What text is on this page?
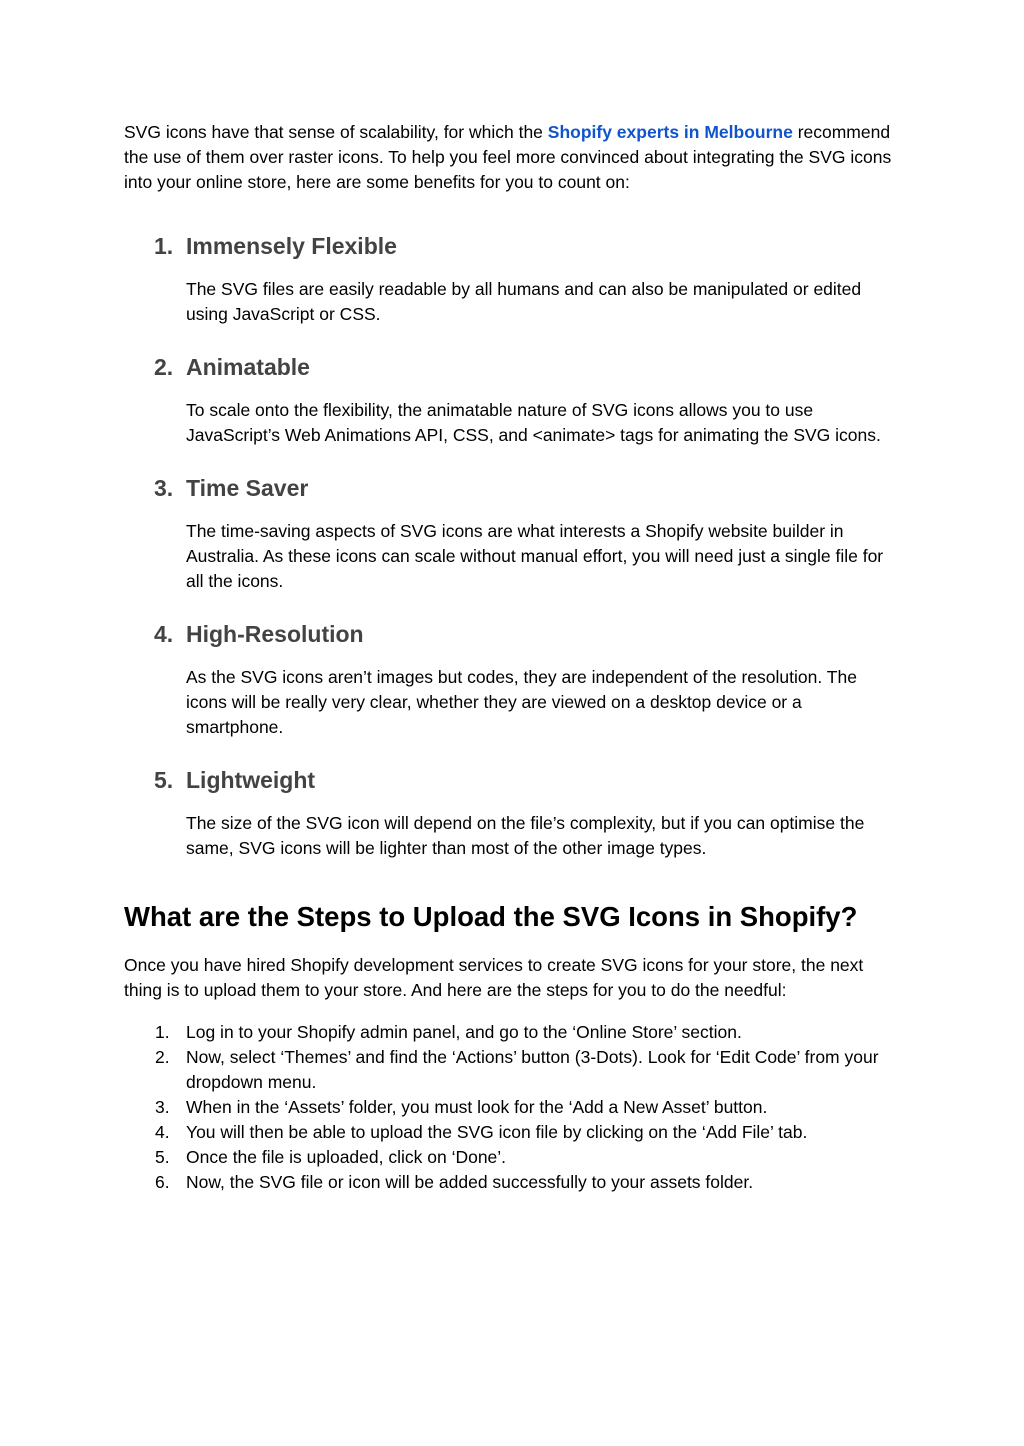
SVG icons have that sense of scalability, for which the Shopify experts in Melbourne recommend the use of them over raster icons. To help you feel more convinced about integrating the SVG icons into your online store, here are some benefits for you to count on:

1. Immensely Flexible

The SVG files are easily readable by all humans and can also be manipulated or edited using JavaScript or CSS.

2. Animatable

To scale onto the flexibility, the animatable nature of SVG icons allows you to use JavaScript’s Web Animations API, CSS, and <animate> tags for animating the SVG icons.

3. Time Saver

The time-saving aspects of SVG icons are what interests a Shopify website builder in Australia. As these icons can scale without manual effort, you will need just a single file for all the icons.

4. High-Resolution

As the SVG icons aren’t images but codes, they are independent of the resolution. The icons will be really very clear, whether they are viewed on a desktop device or a smartphone.

5. Lightweight

The size of the SVG icon will depend on the file’s complexity, but if you can optimise the same, SVG icons will be lighter than most of the other image types.

What are the Steps to Upload the SVG Icons in Shopify?

Once you have hired Shopify development services to create SVG icons for your store, the next thing is to upload them to your store. And here are the steps for you to do the needful:

1. Log in to your Shopify admin panel, and go to the ‘Online Store’ section.
2. Now, select ‘Themes’ and find the ‘Actions’ button (3-Dots). Look for ‘Edit Code’ from your dropdown menu.
3. When in the ‘Assets’ folder, you must look for the ‘Add a New Asset’ button.
4. You will then be able to upload the SVG icon file by clicking on the ‘Add File’ tab.
5. Once the file is uploaded, click on ‘Done’.
6. Now, the SVG file or icon will be added successfully to your assets folder.
